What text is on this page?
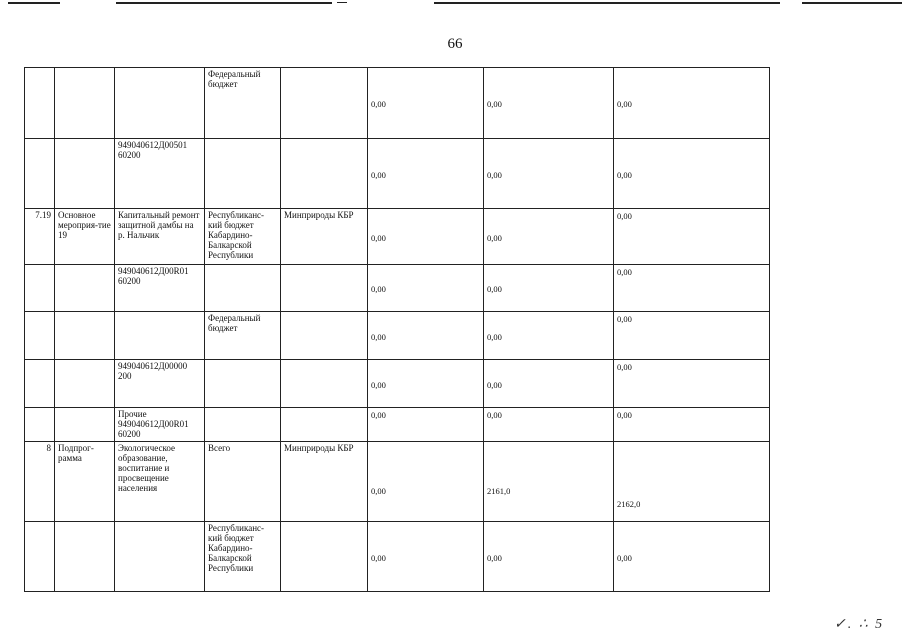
66
			Федеральный бюджет		0,00	0,00	0,00

		949040612Д00501 60200			0,00	0,00	0,00

7.19	Основное мероприя-тие 19	Капитальный ремонт защитной дамбы на р. Нальчик	Республиканс-кий бюджет Кабардино-Балкарской Республики	Минприроды КБР	0,00	0,00	0,00

		949040612Д00R01 60200			0,00	0,00	0,00

			Федеральный бюджет		0,00	0,00	0,00

		949040612Д00000 200			0,00	0,00	0,00

		Прочие 949040612Д00R01 60200			0,00	0,00	0,00

8	Подпрог-рамма	Экологическое образование, воспитание и просвещение населения	Всего	Минприроды КБР	0,00	2161,0	2162,0

			Республиканс-кий бюджет Кабардино-Балкарской Республики		0,00	0,00	0,00
✓. ∴ 5
